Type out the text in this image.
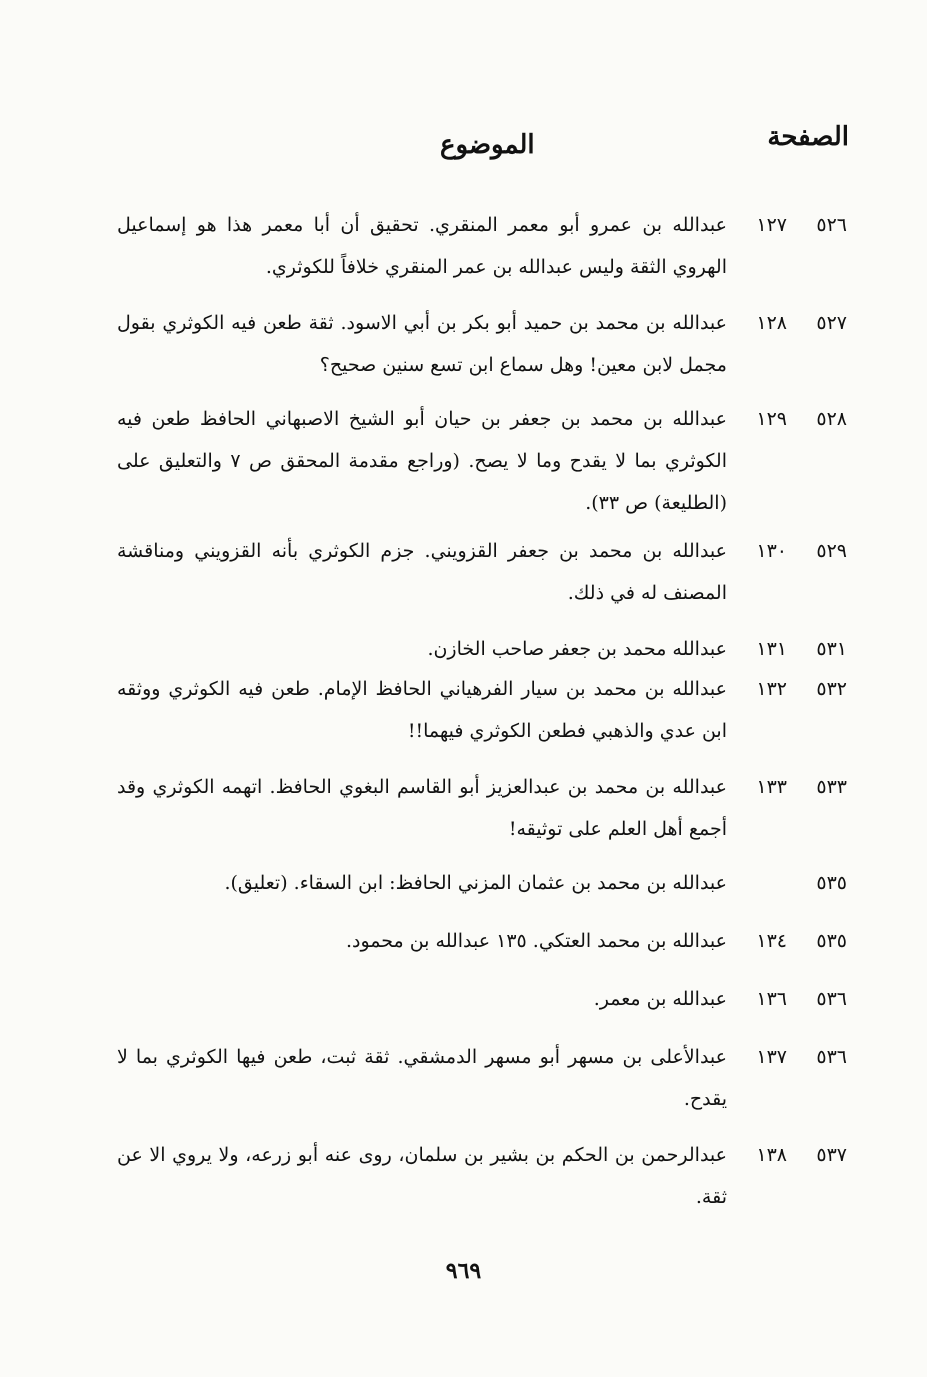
الصفحة
الموضوع
٥٢٦
١٢٧
عبدالله بن عمرو أبو معمر المنقري. تحقيق أن أبا معمر هذا هو إسماعيل الهروي الثقة وليس عبدالله بن عمر المنقري خلافاً للكوثري.
٥٢٧
١٢٨
عبدالله بن محمد بن حميد أبو بكر بن أبي الاسود. ثقة طعن فيه الكوثري بقول مجمل لابن معين! وهل سماع ابن تسع سنين صحيح؟
٥٢٨
١٢٩
عبدالله بن محمد بن جعفر بن حيان أبو الشيخ الاصبهاني الحافظ طعن فيه الكوثري بما لا يقدح وما لا يصح. (وراجع مقدمة المحقق ص ٧ والتعليق على (الطليعة) ص ٣٣).
٥٢٩
١٣٠
عبدالله بن محمد بن جعفر القزويني. جزم الكوثري بأنه القزويني ومناقشة المصنف له في ذلك.
٥٣١
١٣١
عبدالله محمد بن جعفر صاحب الخازن.
٥٣٢
١٣٢
عبدالله بن محمد بن سيار الفرهياني الحافظ الإمام. طعن فيه الكوثري ووثقه ابن عدي والذهبي فطعن الكوثري فيهما!!
٥٣٣
١٣٣
عبدالله بن محمد بن عبدالعزيز أبو القاسم البغوي الحافظ. اتهمه الكوثري وقد أجمع أهل العلم على توثيقه!
٥٣٥
عبدالله بن محمد بن عثمان المزني الحافظ: ابن السقاء. (تعليق).
٥٣٥
١٣٤
عبدالله بن محمد العتكي. ١٣٥ عبدالله بن محمود.
٥٣٦
١٣٦
عبدالله بن معمر.
٥٣٦
١٣٧
عبدالأعلى بن مسهر أبو مسهر الدمشقي. ثقة ثبت، طعن فيها الكوثري بما لا يقدح.
٥٣٧
١٣٨
عبدالرحمن بن الحكم بن بشير بن سلمان، روى عنه أبو زرعه، ولا يروي الا عن ثقة.
٩٦٩
